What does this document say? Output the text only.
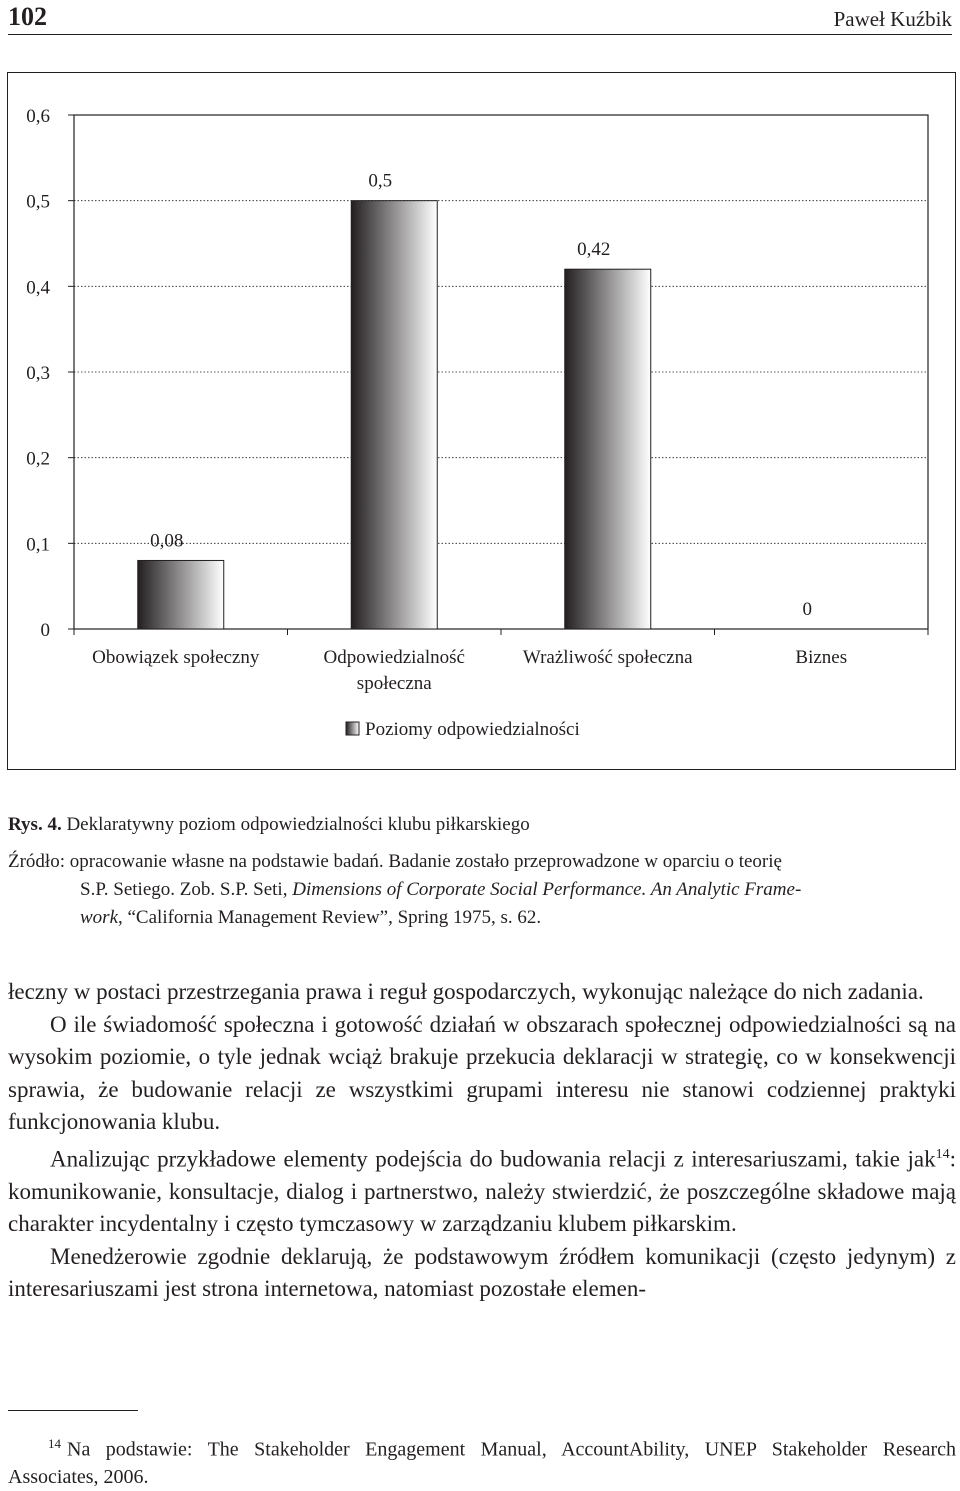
102	Paweł Kuźbik
0
0,1
0,2
0,3
0,4
0,5
0,6
0,08
Obowiązek społeczny
0,5
Odpowiedzialność
społeczna
0,42
Wrażliwość społeczna
0
Biznes
Poziomy odpowiedzialności
Rys. 4. Deklaratywny poziom odpowiedzialności klubu piłkarskiego
Źródło: opracowanie własne na podstawie badań. Badanie zostało przeprowadzone w oparciu o teorię
S.P. Setiego. Zob. S.P. Seti, Dimensions of Corporate Social Performance. An Analytic Frame-
work, “California Management Review”, Spring 1975, s. 62.
łeczny w postaci przestrzegania prawa i reguł gospodarczych, wykonując należące do nich zadania.
O ile świadomość społeczna i gotowość działań w obszarach społecznej odpowiedzialności są na wysokim poziomie, o tyle jednak wciąż brakuje przekucia deklaracji w strategię, co w konsekwencji sprawia, że budowanie relacji ze wszystkimi grupami interesu nie stanowi codziennej praktyki funkcjonowania klubu.
Analizując przykładowe elementy podejścia do budowania relacji z interesariuszami, takie jak$^{14}$: komunikowanie, konsultacje, dialog i partnerstwo, należy stwierdzić, że poszczególne składowe mają charakter incydentalny i często tymczasowy w zarządzaniu klubem piłkarskim.
Menedżerowie zgodnie deklarują, że podstawowym źródłem komunikacji (często jedynym) z interesariuszami jest strona internetowa, natomiast pozostałe elemen-
$^{14}$ Na podstawie: The Stakeholder Engagement Manual, AccountAbility, UNEP Stakeholder Research Associates, 2006.
